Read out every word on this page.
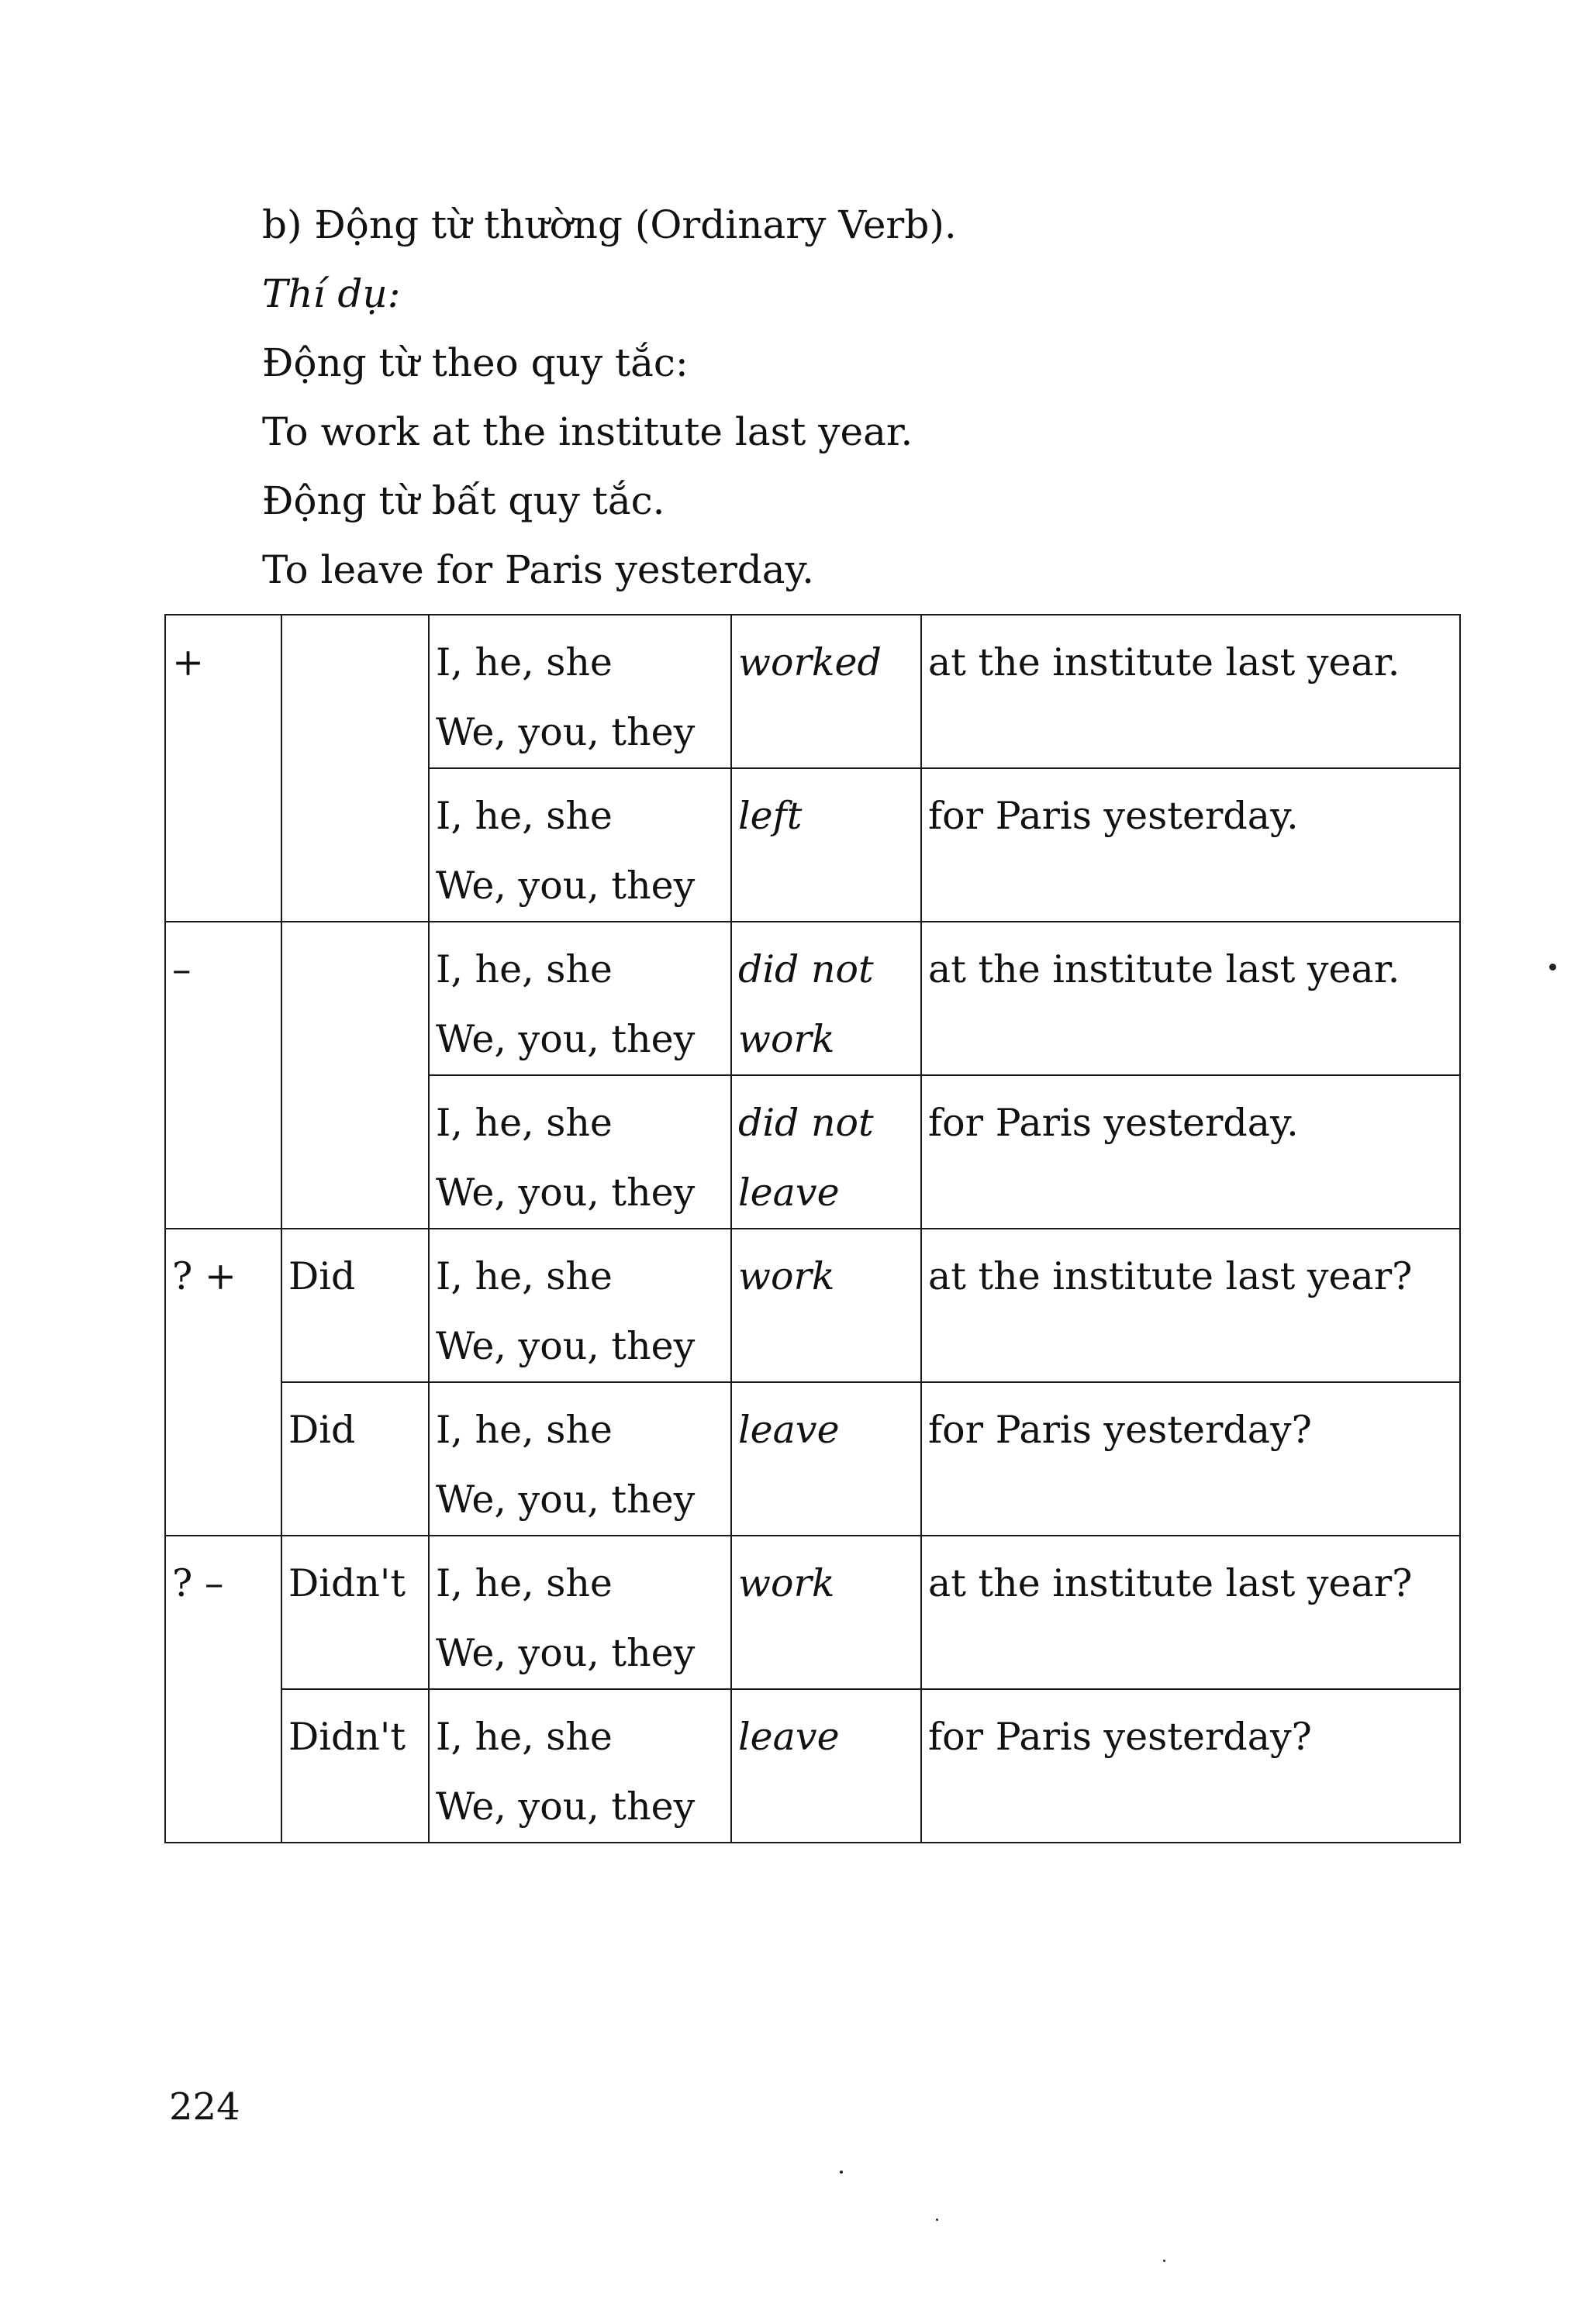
b) Động từ thường (Ordinary Verb).
Thí dụ:
Động từ theo quy tắc:
To work at the institute last year.
Động từ bất quy tắc.
To leave for Paris yesterday.
+		I, he, she
We, you, they	worked	at the institute last year.

		I, he, she
We, you, they	left	for Paris yesterday.
–		I, he, she
We, you, they	did not
work	at the institute last year.

		I, he, she
We, you, they	did not
leave	for Paris yesterday.
? +	Did	I, he, she
We, you, they	work	at the institute last year?
	Did	I, he, she
We, you, they	leave	for Paris yesterday?
? –	Didn't	I, he, she
We, you, they	work	at the institute last year?
	Didn't	I, he, she
We, you, they	leave	for Paris yesterday?
224
